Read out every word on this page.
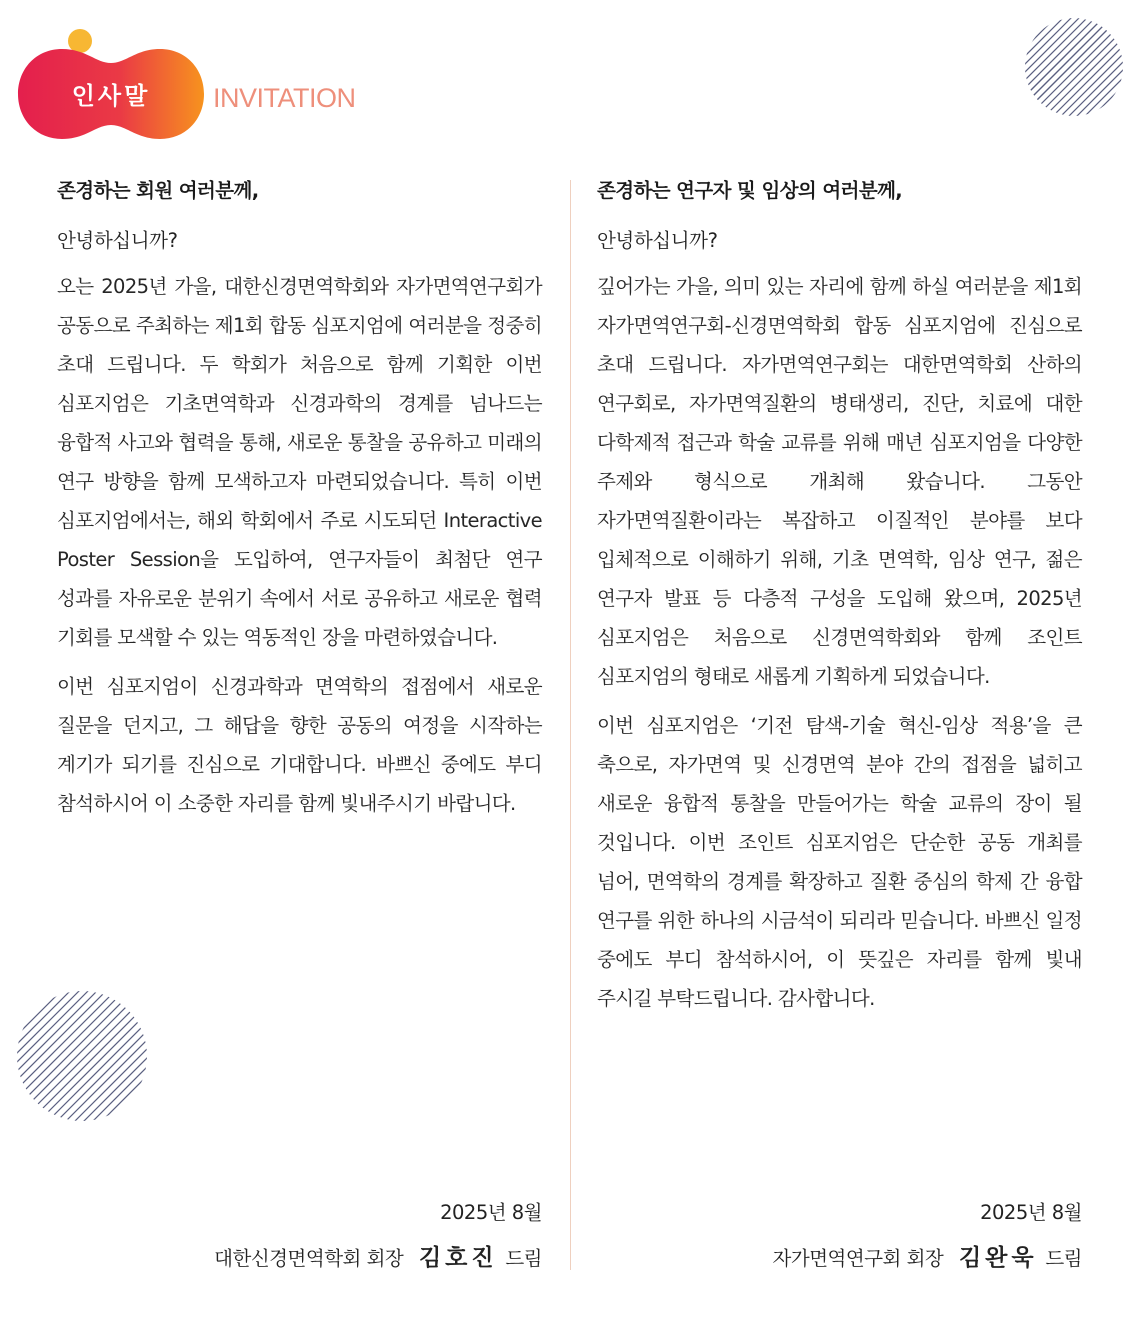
인사말	INVITATION

존경하는 회원 여러분께,

안녕하십니까?

오는 2025년 가을, 대한신경면역학회와 자가면역연구회가 공동으로 주최하는 제1회 합동 심포지엄에 여러분을 정중히 초대 드립니다. 두 학회가 처음으로 함께 기획한 이번 심포지엄은 기초면역학과 신경과학의 경계를 넘나드는 융합적 사고와 협력을 통해, 새로운 통찰을 공유하고 미래의 연구 방향을 함께 모색하고자 마련되었습니다. 특히 이번 심포지엄에서는, 해외 학회에서 주로 시도되던 Interactive Poster Session을 도입하여, 연구자들이 최첨단 연구 성과를 자유로운 분위기 속에서 서로 공유하고 새로운 협력 기회를 모색할 수 있는 역동적인 장을 마련하였습니다.

이번 심포지엄이 신경과학과 면역학의 접점에서 새로운 질문을 던지고, 그 해답을 향한 공동의 여정을 시작하는 계기가 되기를 진심으로 기대합니다. 바쁘신 중에도 부디 참석하시어 이 소중한 자리를 함께 빛내주시기 바랍니다.

존경하는 연구자 및 임상의 여러분께,

안녕하십니까?

깊어가는 가을, 의미 있는 자리에 함께 하실 여러분을 제1회 자가면역연구회-신경면역학회 합동 심포지엄에 진심으로 초대 드립니다. 자가면역연구회는 대한면역학회 산하의 연구회로, 자가면역질환의 병태생리, 진단, 치료에 대한 다학제적 접근과 학술 교류를 위해 매년 심포지엄을 다양한 주제와 형식으로 개최해 왔습니다. 그동안 자가면역질환이라는 복잡하고 이질적인 분야를 보다 입체적으로 이해하기 위해, 기초 면역학, 임상 연구, 젊은 연구자 발표 등 다층적 구성을 도입해 왔으며, 2025년 심포지엄은 처음으로 신경면역학회와 함께 조인트 심포지엄의 형태로 새롭게 기획하게 되었습니다.

이번 심포지엄은 ‘기전 탐색-기술 혁신-임상 적용’을 큰 축으로, 자가면역 및 신경면역 분야 간의 접점을 넓히고 새로운 융합적 통찰을 만들어가는 학술 교류의 장이 될 것입니다. 이번 조인트 심포지엄은 단순한 공동 개최를 넘어, 면역학의 경계를 확장하고 질환 중심의 학제 간 융합 연구를 위한 하나의 시금석이 되리라 믿습니다. 바쁘신 일정 중에도 부디 참석하시어, 이 뜻깊은 자리를 함께 빛내 주시길 부탁드립니다. 감사합니다.

2025년 8월
대한신경면역학회 회장 김호진 드림
2025년 8월
자가면역연구회 회장 김완욱 드림
